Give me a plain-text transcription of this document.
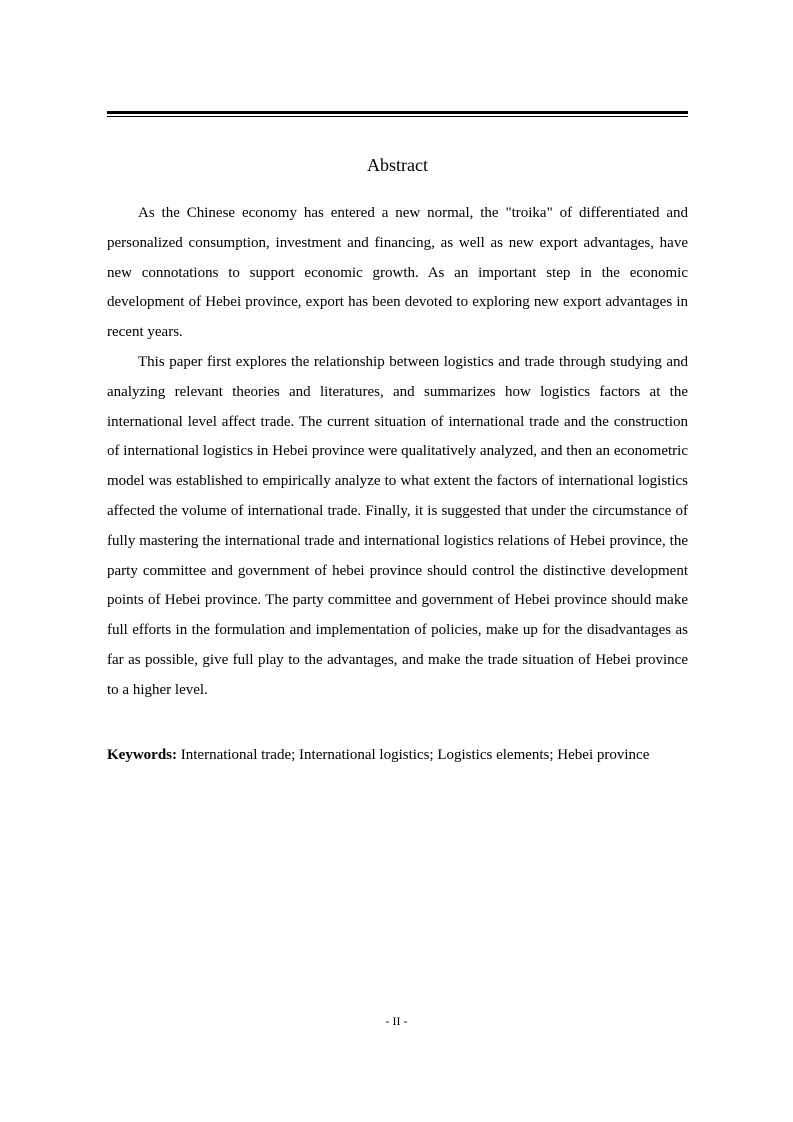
Abstract

As the Chinese economy has entered a new normal, the "troika" of differentiated and personalized consumption, investment and financing, as well as new export advantages, have new connotations to support economic growth. As an important step in the economic development of Hebei province, export has been devoted to exploring new export advantages in recent years.

This paper first explores the relationship between logistics and trade through studying and analyzing relevant theories and literatures, and summarizes how logistics factors at the international level affect trade. The current situation of international trade and the construction of international logistics in Hebei province were qualitatively analyzed, and then an econometric model was established to empirically analyze to what extent the factors of international logistics affected the volume of international trade. Finally, it is suggested that under the circumstance of fully mastering the international trade and international logistics relations of Hebei province, the party committee and government of hebei province should control the distinctive development points of Hebei province. The party committee and government of Hebei province should make full efforts in the formulation and implementation of policies, make up for the disadvantages as far as possible, give full play to the advantages, and make the trade situation of Hebei province to a higher level.

Keywords: International trade; International logistics; Logistics elements; Hebei province
- II -
